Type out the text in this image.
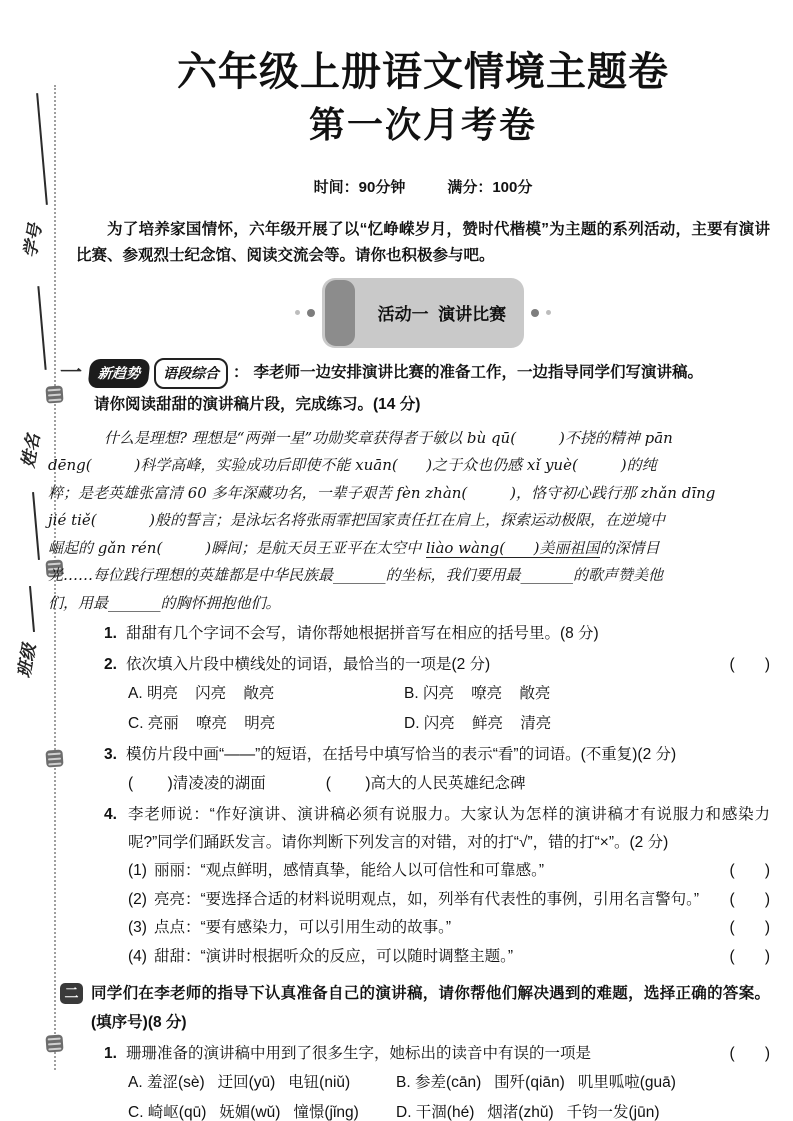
学号
姓名
班级
六年级上册语文情境主题卷
第一次月考卷
时间：90分钟	满分：100分

为了培养家国情怀，六年级开展了以“忆峥嵘岁月，赞时代楷模”为主题的系列活动，主要有演讲比赛、参观烈士纪念馆、阅读交流会等。请你也积极参与吧。

活动一  演讲比赛

一	新趋势	语段综合 ： 李老师一边安排演讲比赛的准备工作，一边指导同学们写演讲稿。
请你阅读甜甜的演讲稿片段，完成练习。(14 分)
什么是理想? 理想是“两弹一星”功勋奖章获得者于敏以 bù qū(         )不挠的精神 pān
dēng(         )科学高峰，实验成功后即使不能 xuān(      )之于众也仍感 xǐ yuè(         )的纯
粹；是老英雄张富清 60 多年深藏功名，一辈子艰苦 fèn zhàn(         )，恪守初心践行那 zhǎn dīng
jié tiě(           )般的誓言；是泳坛名将张雨霏把国家责任扛在肩上，探索运动极限，在逆境中
崛起的 gǎn rén(         )瞬间；是航天员王亚平在太空中 liào wàng(      )美丽祖国的深情目
光……每位践行理想的英雄都是中华民族最_______的坐标，我们要用最_______的歌声赞美他
们，用最_______的胸怀拥抱他们。
1. 甜甜有几个字词不会写，请你帮她根据拼音写在相应的括号里。(8 分)
2. 依次填入片段中横线处的词语，最恰当的一项是(2 分)	(       )
A. 明亮    闪亮    敞亮	B. 闪亮    嘹亮    敞亮
C. 亮丽    嘹亮    明亮	D. 闪亮    鲜亮    清亮
3. 模仿片段中画“——”的短语，在括号中填写恰当的表示“看”的词语。(不重复)(2 分)
(        )清凌凌的湖面	(        )高大的人民英雄纪念碑
4. 李老师说：“作好演讲、演讲稿必须有说服力。大家认为怎样的演讲稿才有说服力和感染力呢?”同学们踊跃发言。请你判断下列发言的对错，对的打“√”，错的打“×”。(2 分)
(1) 丽丽：“观点鲜明，感情真挚，能给人以可信性和可靠感。”	(       )
(2) 亮亮：“要选择合适的材料说明观点，如，列举有代表性的事例，引用名言警句。”	(       )
(3) 点点：“要有感染力，可以引用生动的故事。”	(       )
(4) 甜甜：“演讲时根据听众的反应，可以随时调整主题。”	(       )
二 同学们在李老师的指导下认真准备自己的演讲稿，请你帮他们解决遇到的难题，选择正确的答案。(填序号)(8 分)
1. 珊珊准备的演讲稿中用到了很多生字，她标出的读音中有误的一项是	(       )
A. 羞涩(sè)   迂回(yū)   电钮(niǔ)	B. 参差(cān)   围歼(qiān)   叽里呱啦(guā)
C. 崎岖(qū)   妩媚(wǔ)   憧憬(jǐng)	D. 干涸(hé)   烟渚(zhǔ)   千钧一发(jūn)
